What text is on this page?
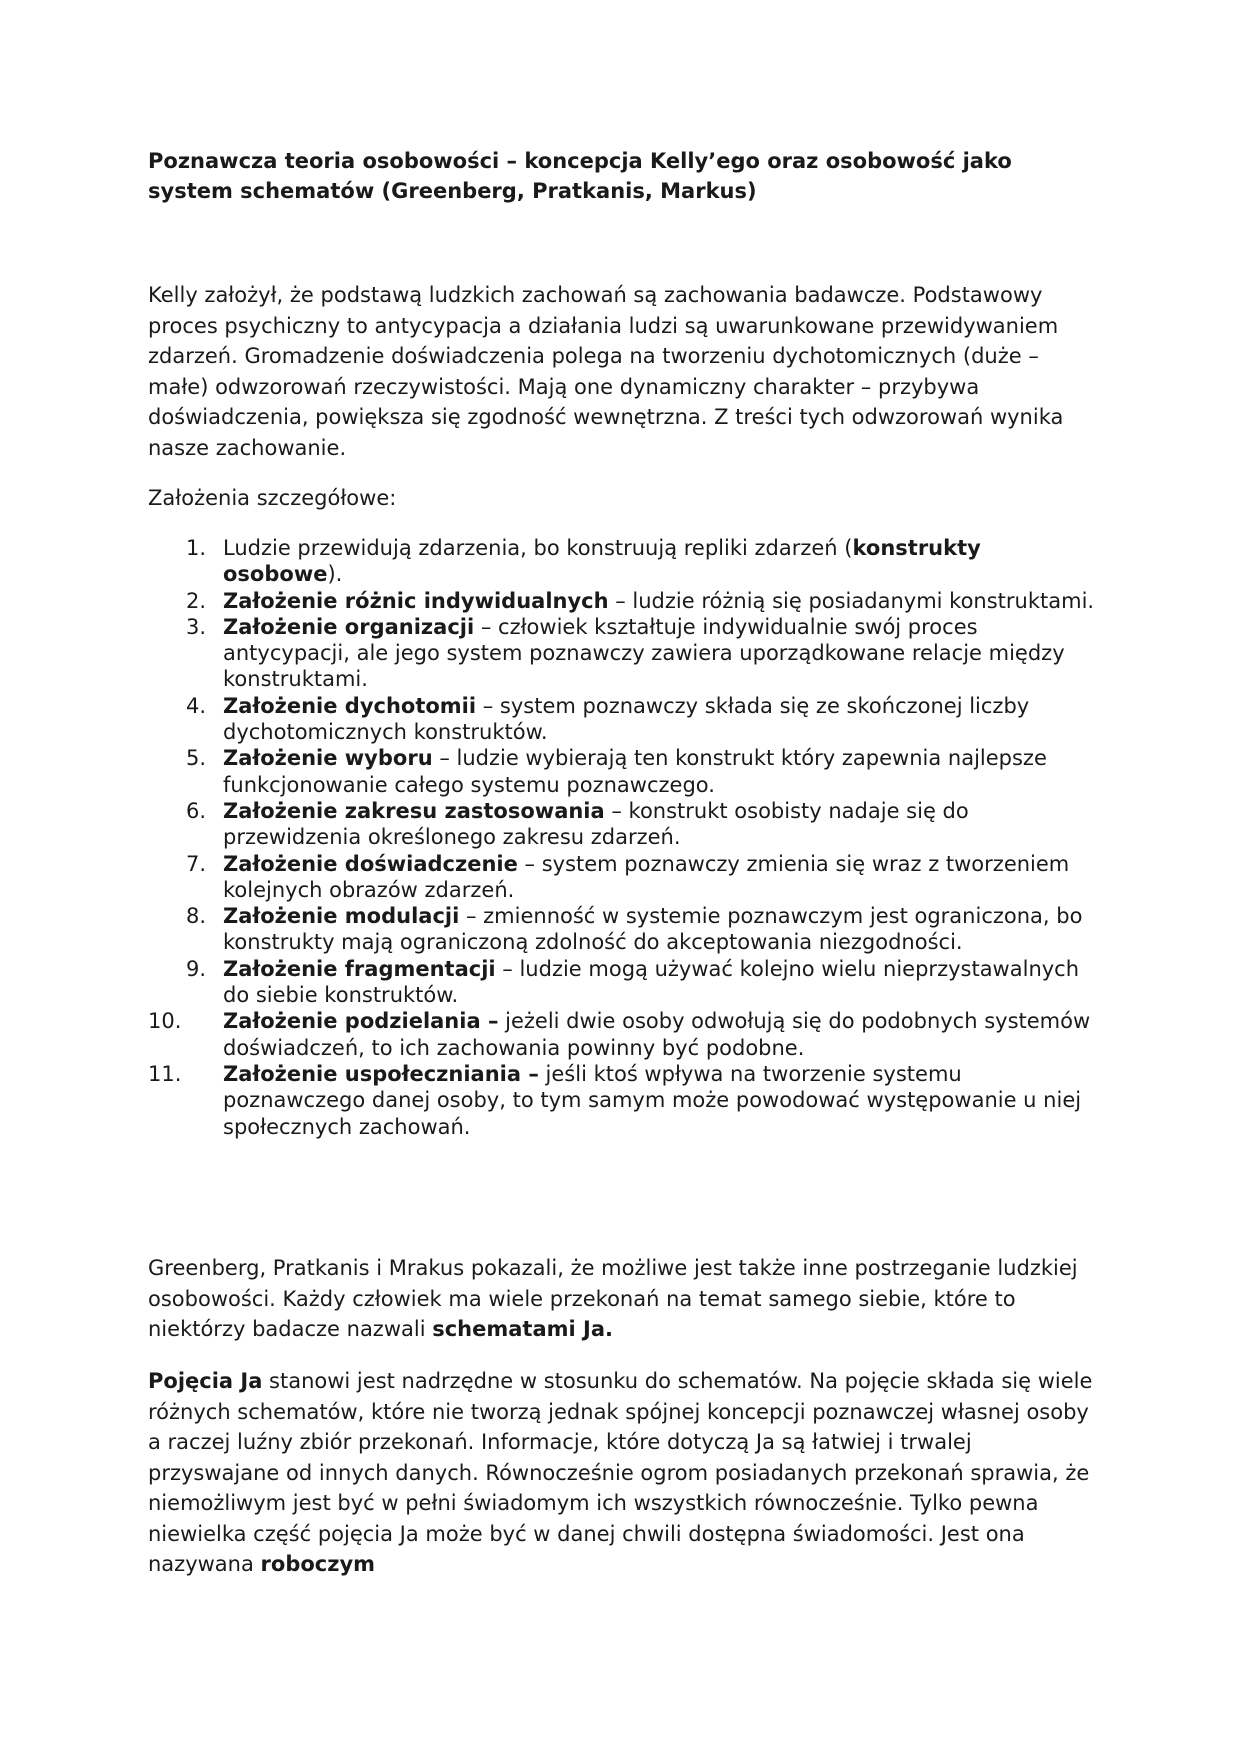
Poznawcza teoria osobowości – koncepcja Kelly’ego oraz osobowość jako system schematów (Greenberg, Pratkanis, Markus)

Kelly założył, że podstawą ludzkich zachowań są zachowania badawcze. Podstawowy proces psychiczny to antycypacja a działania ludzi są uwarunkowane przewidywaniem zdarzeń. Gromadzenie doświadczenia polega na tworzeniu dychotomicznych (duże – małe) odwzorowań rzeczywistości. Mają one dynamiczny charakter – przybywa doświadczenia, powiększa się zgodność wewnętrzna. Z treści tych odwzorowań wynika nasze zachowanie.

Założenia szczegółowe:

1. Ludzie przewidują zdarzenia, bo konstruują repliki zdarzeń (konstrukty osobowe).
2. Założenie różnic indywidualnych – ludzie różnią się posiadanymi konstruktami.
3. Założenie organizacji – człowiek kształtuje indywidualnie swój proces antycypacji, ale jego system poznawczy zawiera uporządkowane relacje między konstruktami.
4. Założenie dychotomii – system poznawczy składa się ze skończonej liczby dychotomicznych konstruktów.
5. Założenie wyboru – ludzie wybierają ten konstrukt który zapewnia najlepsze funkcjonowanie całego systemu poznawczego.
6. Założenie zakresu zastosowania – konstrukt osobisty nadaje się do przewidzenia określonego zakresu zdarzeń.
7. Założenie doświadczenie – system poznawczy zmienia się wraz z tworzeniem kolejnych obrazów zdarzeń.
8. Założenie modulacji – zmienność w systemie poznawczym jest ograniczona, bo konstrukty mają ograniczoną zdolność do akceptowania niezgodności.
9. Założenie fragmentacji – ludzie mogą używać kolejno wielu nieprzystawalnych do siebie konstruktów.
10.	Założenie podzielania – jeżeli dwie osoby odwołują się do podobnych systemów doświadczeń, to ich zachowania powinny być podobne.
11.	Założenie uspołeczniania – jeśli ktoś wpływa na tworzenie systemu poznawczego danej osoby, to tym samym może powodować występowanie u niej społecznych zachowań.

Greenberg, Pratkanis i Mrakus pokazali, że możliwe jest także inne postrzeganie ludzkiej osobowości. Każdy człowiek ma wiele przekonań na temat samego siebie, które to niektórzy badacze nazwali schematami Ja.

Pojęcia Ja stanowi jest nadrzędne w stosunku do schematów. Na pojęcie składa się wiele różnych schematów, które nie tworzą jednak spójnej koncepcji poznawczej własnej osoby a raczej luźny zbiór przekonań. Informacje, które dotyczą Ja są łatwiej i trwalej przyswajane od innych danych. Równocześnie ogrom posiadanych przekonań sprawia, że niemożliwym jest być w pełni świadomym ich wszystkich równocześnie. Tylko pewna niewielka część pojęcia Ja może być w danej chwili dostępna świadomości. Jest ona nazywana roboczym
